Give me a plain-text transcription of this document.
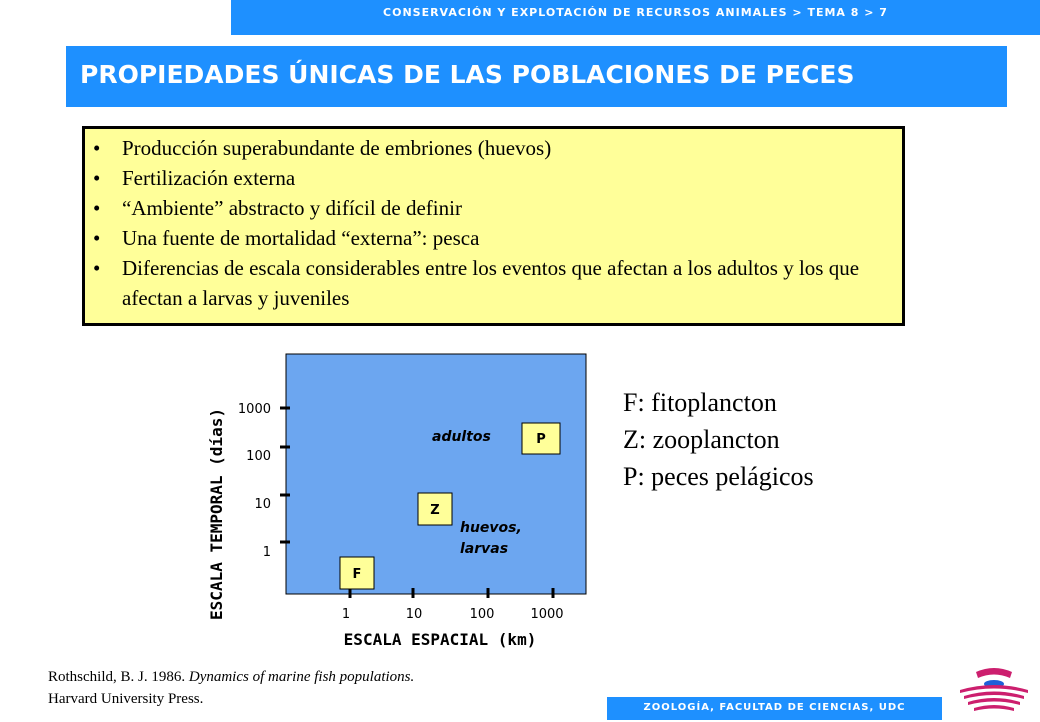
CONSERVACIÓN Y EXPLOTACIÓN DE RECURSOS ANIMALES > TEMA 8 > 7
PROPIEDADES ÚNICAS DE LAS POBLACIONES DE PECES
• Producción superabundante de embriones (huevos)
• Fertilización externa
• “Ambiente” abstracto y difícil de definir
• Una fuente de mortalidad “externa”: pesca
• Diferencias de escala considerables entre los eventos que afectan a los adultos y los que afectan a larvas y juveniles
1000
100
10
1
1	10	100	1000
ESCALA ESPACIAL (km)
ESCALA TEMPORAL (días)	F
Z
P
adultos
huevos,
larvas
F: fitoplancton
Z: zooplancton
P: peces pelágicos
Rothschild, B. J. 1986. Dynamics of marine fish populations. Harvard University Press.
ZOOLOGÍA, FACULTAD DE CIENCIAS, UDC
